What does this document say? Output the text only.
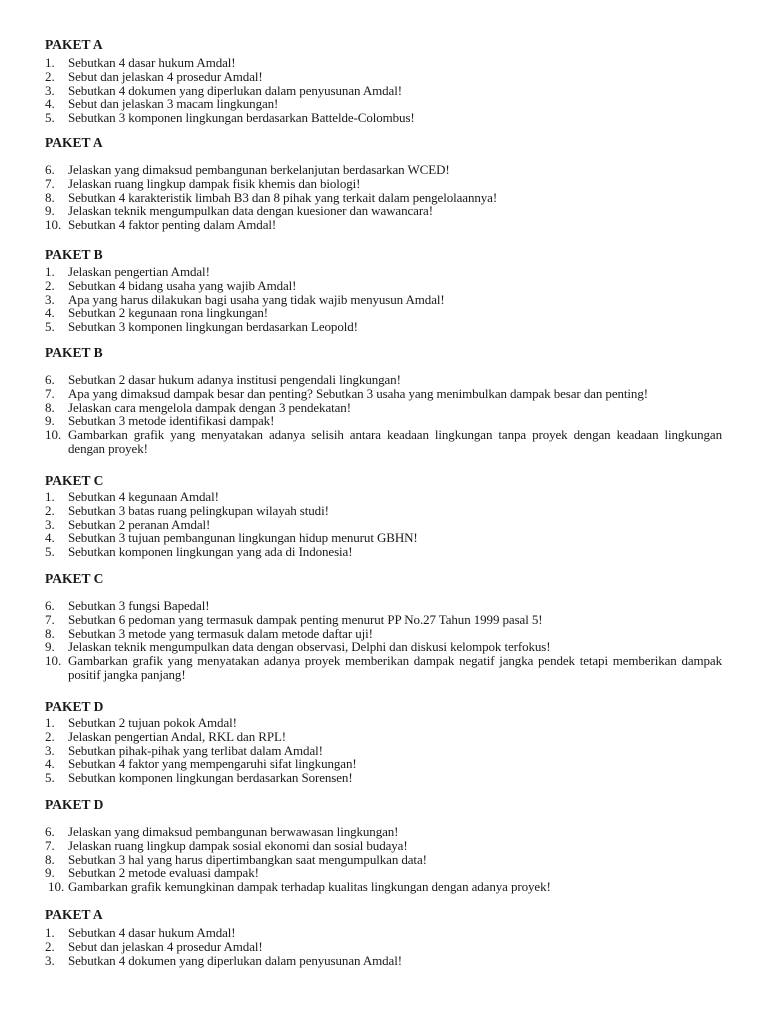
PAKET A

1.	Sebutkan 4 dasar hukum Amdal!
2.	Sebut dan jelaskan 4 prosedur Amdal!
3.	Sebutkan 4 dokumen yang diperlukan dalam penyusunan Amdal!
4.	Sebut dan jelaskan 3 macam lingkungan!
5.	Sebutkan 3 komponen lingkungan berdasarkan Battelde-Colombus!

PAKET A

6.	Jelaskan yang dimaksud pembangunan berkelanjutan berdasarkan WCED!
7.	Jelaskan ruang lingkup dampak fisik khemis dan biologi!
8.	Sebutkan 4 karakteristik limbah B3 dan 8 pihak yang terkait dalam pengelolaannya!
9.	Jelaskan teknik mengumpulkan data dengan kuesioner dan wawancara!
10. Sebutkan 4 faktor penting dalam Amdal!

PAKET B

1.	Jelaskan pengertian Amdal!
2.	Sebutkan 4 bidang usaha yang wajib Amdal!
3.	Apa yang harus dilakukan bagi usaha yang tidak wajib menyusun Amdal!
4.	Sebutkan 2 kegunaan rona lingkungan!
5.	Sebutkan 3 komponen lingkungan berdasarkan Leopold!

PAKET B

6.	Sebutkan 2 dasar hukum adanya institusi pengendali lingkungan!
7.	Apa yang dimaksud dampak besar dan penting? Sebutkan 3 usaha yang menimbulkan dampak besar dan penting!
8.	Jelaskan cara mengelola dampak dengan 3 pendekatan!
9.	Sebutkan 3 metode identifikasi dampak!
10. Gambarkan grafik yang menyatakan adanya selisih antara keadaan lingkungan tanpa proyek dengan keadaan lingkungan dengan proyek!

PAKET C

1.	Sebutkan 4 kegunaan Amdal!
2.	Sebutkan 3 batas ruang pelingkupan wilayah studi!
3.	Sebutkan 2 peranan Amdal!
4.	Sebutkan 3 tujuan pembangunan lingkungan hidup menurut GBHN!
5.	Sebutkan komponen lingkungan yang ada di Indonesia!

PAKET C

6.	Sebutkan 3 fungsi Bapedal!
7.	Sebutkan 6 pedoman yang termasuk dampak penting menurut PP No.27 Tahun 1999 pasal 5!
8.	Sebutkan 3 metode yang termasuk dalam metode daftar uji!
9.	Jelaskan teknik mengumpulkan data dengan observasi, Delphi dan diskusi kelompok terfokus!
10. Gambarkan grafik yang menyatakan adanya proyek memberikan dampak negatif jangka pendek tetapi memberikan dampak positif jangka panjang!

PAKET D

1.	Sebutkan 2 tujuan pokok Amdal!
2.	Jelaskan pengertian Andal, RKL dan RPL!
3.	Sebutkan pihak-pihak yang terlibat dalam Amdal!
4.	Sebutkan 4 faktor yang mempengaruhi sifat lingkungan!
5.	Sebutkan komponen lingkungan berdasarkan Sorensen!

PAKET D

6.	Jelaskan yang dimaksud pembangunan berwawasan lingkungan!
7.	Jelaskan ruang lingkup dampak sosial ekonomi dan sosial budaya!
8.	Sebutkan 3 hal yang harus dipertimbangkan saat mengumpulkan data!
9.	Sebutkan 2 metode evaluasi dampak!
10. Gambarkan grafik kemungkinan dampak terhadap kualitas lingkungan dengan adanya proyek!

PAKET A

1.	Sebutkan 4 dasar hukum Amdal!
2.	Sebut dan jelaskan 4 prosedur Amdal!
3.	Sebutkan 4 dokumen yang diperlukan dalam penyusunan Amdal!
